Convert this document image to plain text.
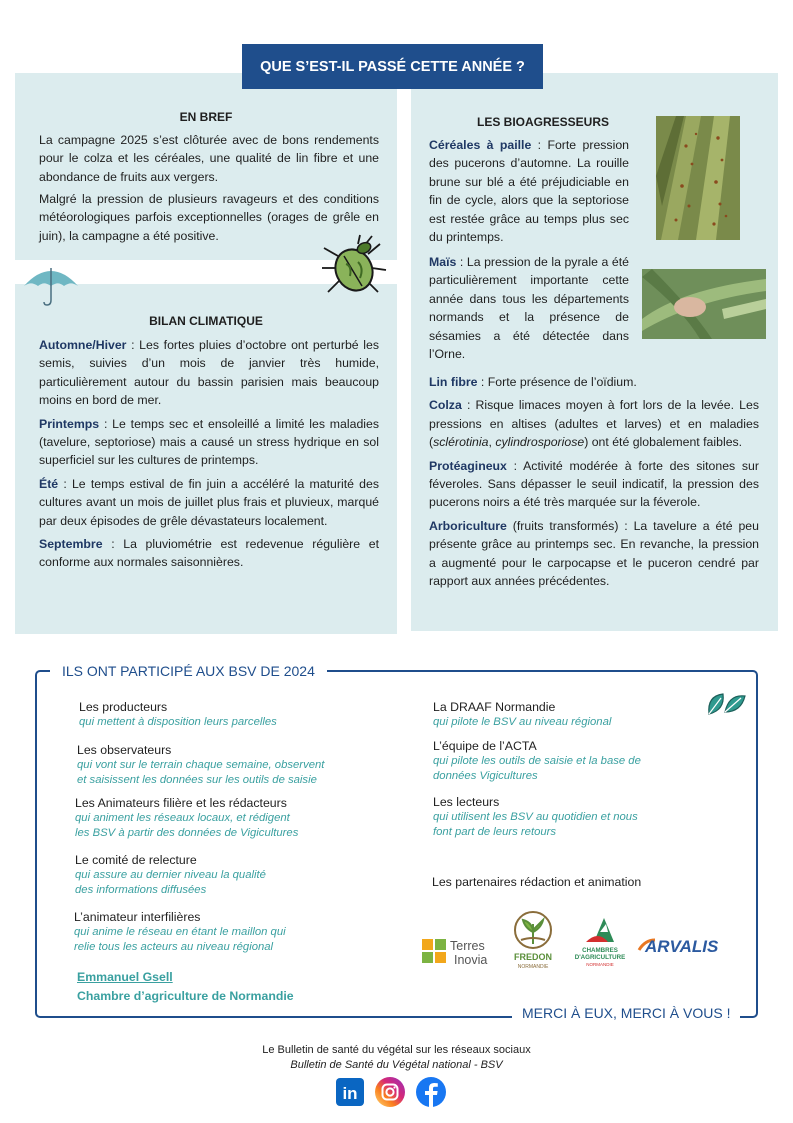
QUE S’EST-IL PASSÉ CETTE ANNÉE ?
EN BREF

La campagne 2025 s’est clôturée avec de bons rendements pour le colza et les céréales, une qualité de lin fibre et une abondance de fruits aux vergers.

Malgré la pression de plusieurs ravageurs et des conditions météorologiques parfois exceptionnelles (orages de grêle en juin), la campagne a été positive.

BILAN CLIMATIQUE

Automne/Hiver : Les fortes pluies d’octobre ont perturbé les semis, suivies d’un mois de janvier très humide, particulièrement autour du bassin parisien mais beaucoup moins en bord de mer.

Printemps : Le temps sec et ensoleillé a limité les maladies (tavelure, septoriose) mais a causé un stress hydrique en sol superficiel sur les cultures de printemps.

Été : Le temps estival de fin juin a accéléré la maturité des cultures avant un mois de juillet plus frais et pluvieux, marqué par deux épisodes de grêle dévastateurs localement.

Septembre : La pluviométrie est redevenue régulière et conforme aux normales saisonnières.

LES BIOAGRESSEURS

Céréales à paille : Forte pression des pucerons d’automne. La rouille brune sur blé a été préjudiciable en fin de cycle, alors que la septoriose est restée grâce au temps plus sec du printemps.

Maïs : La pression de la pyrale a été particulièrement importante cette année dans tous les départements normands et la présence de sésamies a été détectée dans l’Orne.

Lin fibre : Forte présence de l’oïdium.

Colza : Risque limaces moyen à fort lors de la levée. Les pressions en altises (adultes et larves) et en maladies (sclérotinia, cylindrosporiose) ont été globalement faibles.

Protéagineux : Activité modérée à forte des sitones sur féveroles. Sans dépasser le seuil indicatif, la pression des pucerons noirs a été très marquée sur la féverole.

Arboriculture (fruits transformés) : La tavelure a été peu présente grâce au printemps sec. En revanche, la pression a augmenté pour le carpocapse et le puceron cendré par rapport aux années précédentes.

ILS ONT PARTICIPÉ AUX BSV DE 2024
MERCI À EUX, MERCI À VOUS !
Les producteurs
qui mettent à disposition leurs parcelles
Les observateurs
qui vont sur le terrain chaque semaine, observent
et saisissent les données sur les outils de saisie
Les Animateurs filière et les rédacteurs
qui animent les réseaux locaux, et rédigent
les BSV à partir des données de Vigicultures
Le comité de relecture
qui assure au dernier niveau la qualité
des informations diffusées
L’animateur interfilières
qui anime le réseau en étant le maillon qui
relie tous les acteurs au niveau régional
Emmanuel Gsell
Chambre d’agriculture de Normandie
La DRAAF Normandie
qui pilote le BSV au niveau régional
L’équipe de l’ACTA
qui pilote les outils de saisie et la base de
données Vigicultures
Les lecteurs
qui utilisent les BSV au quotidien et nous
font part de leurs retours
Les partenaires rédaction et animation
Terres
Inovia	FREDON
NORMANDIE
CHAMBRES
D'AGRICULTURE
NORMANDIE
ARVALIS
Le Bulletin de santé du végétal sur les réseaux sociaux
Bulletin de Santé du Végétal national - BSV
in
